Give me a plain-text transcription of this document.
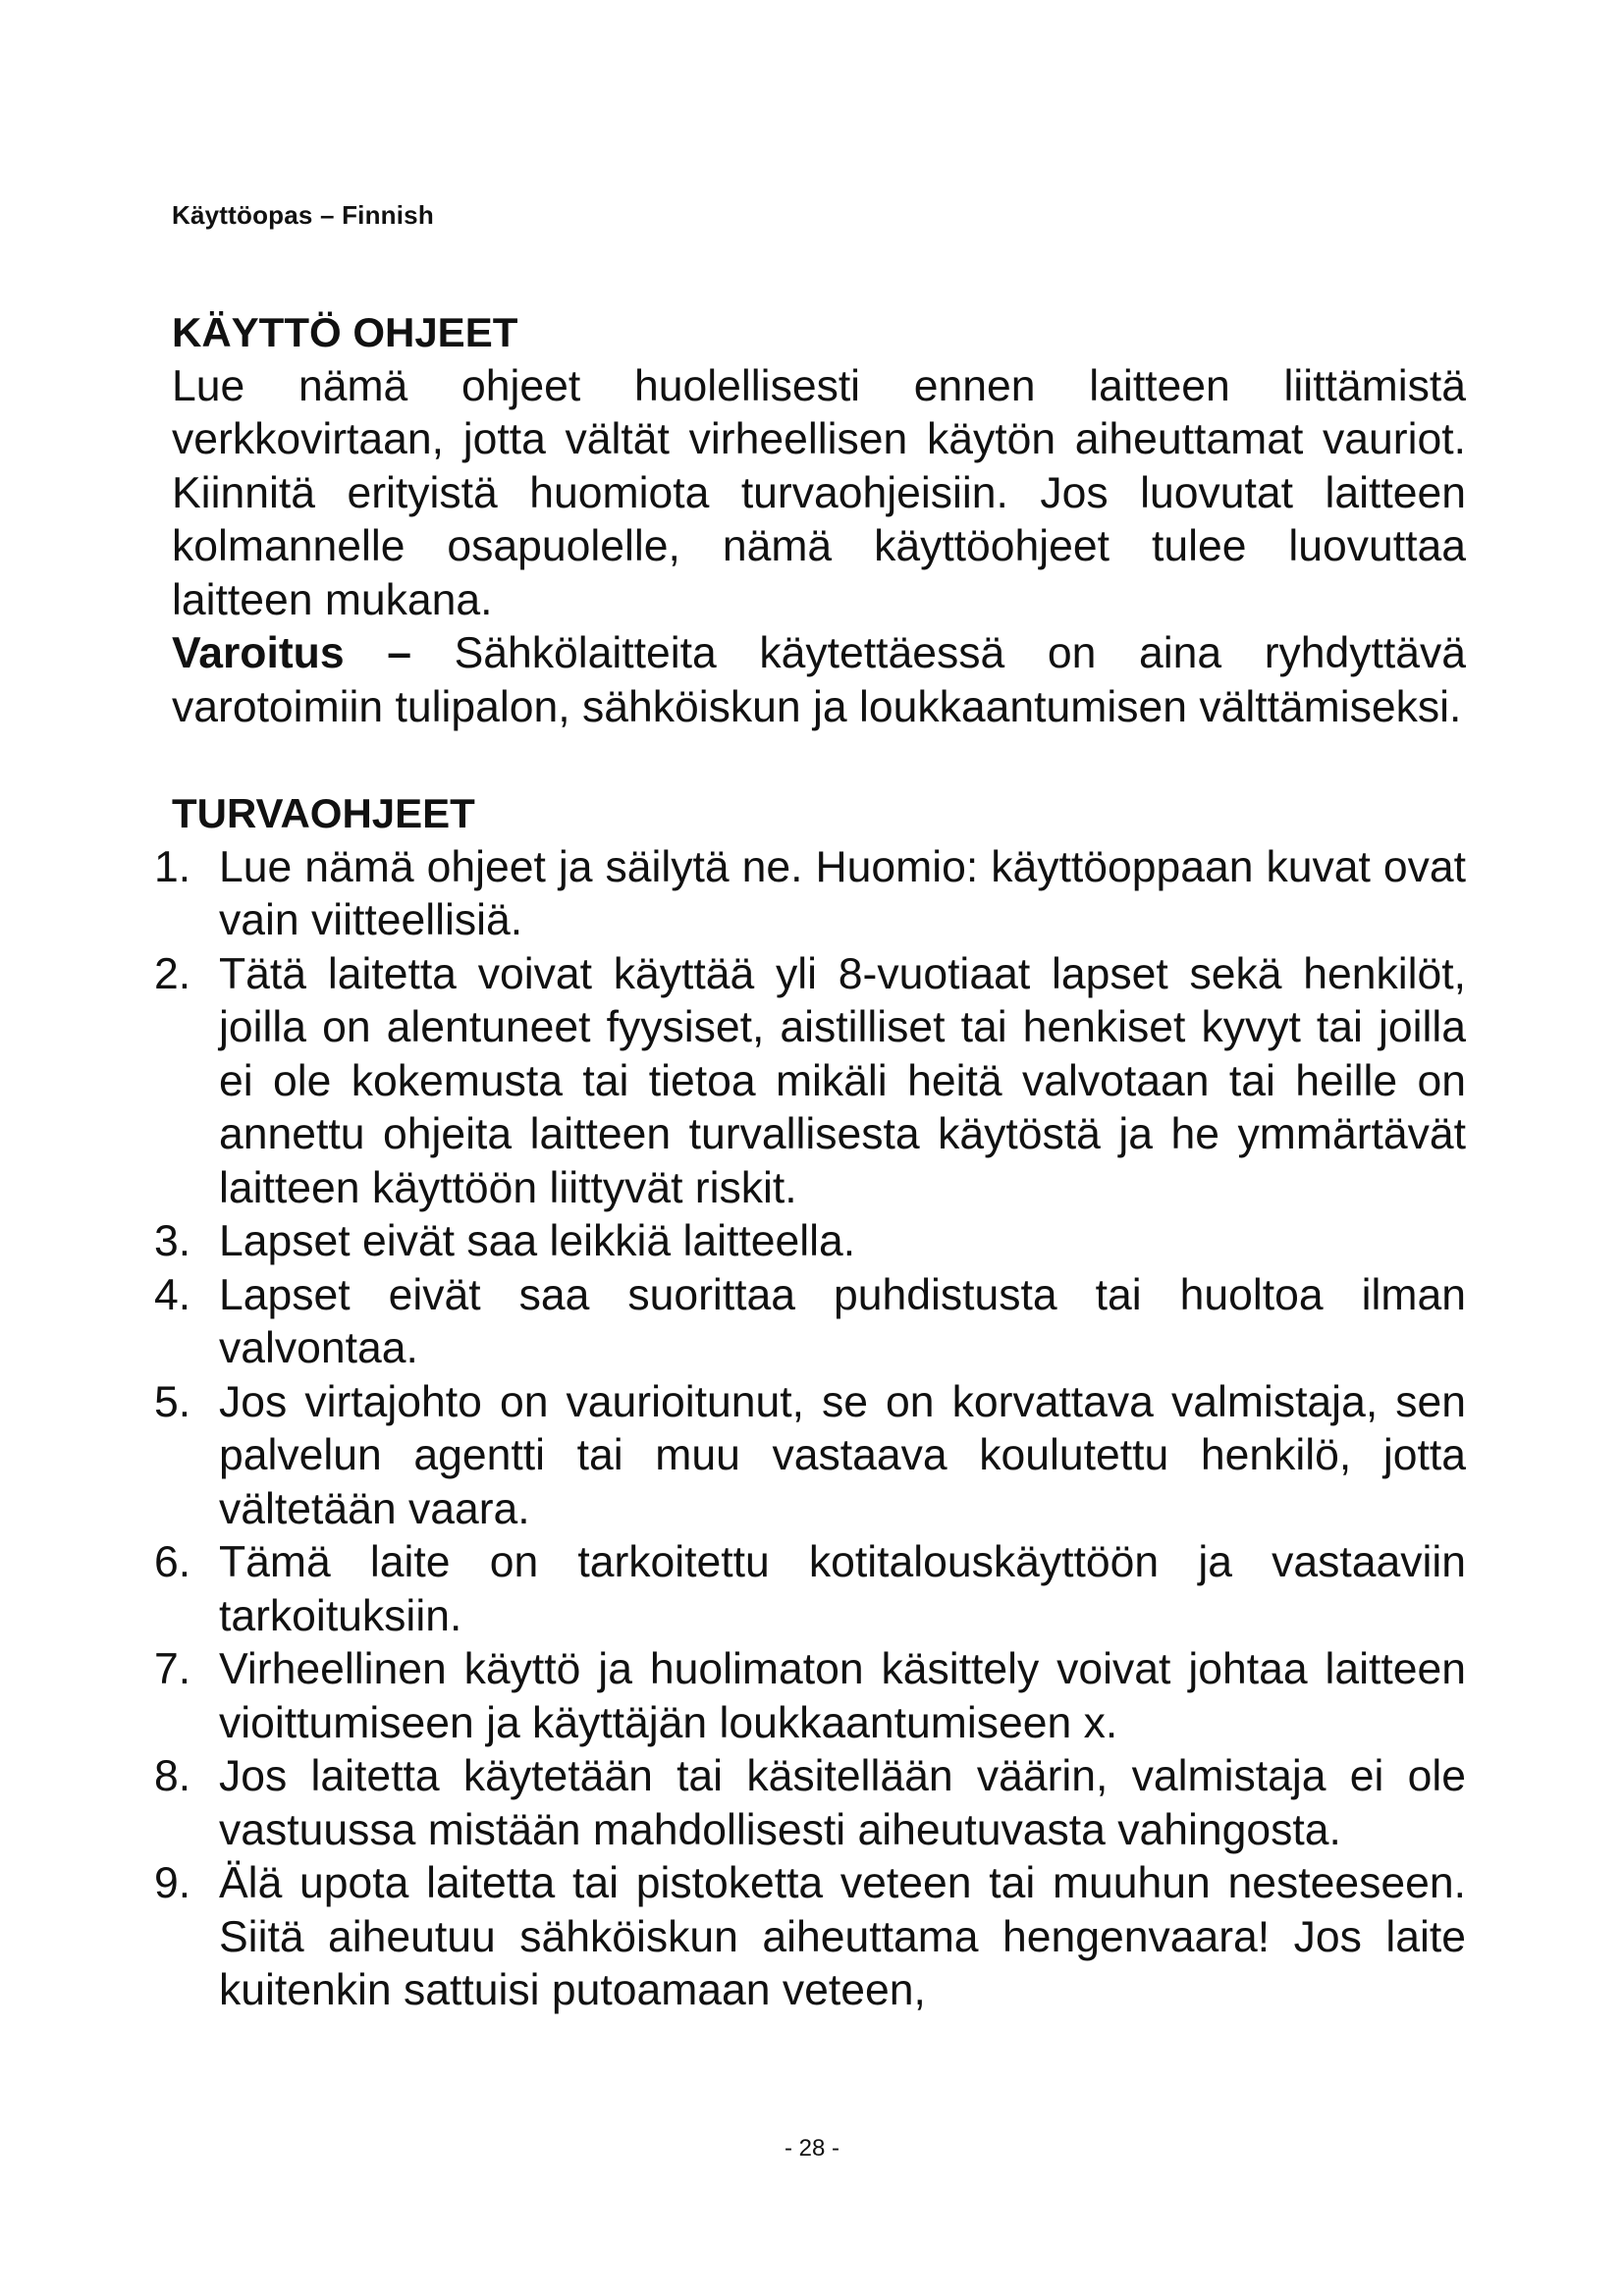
Käyttöopas – Finnish
KÄYTTÖ OHJEET

Lue nämä ohjeet huolellisesti ennen laitteen liittämistä verkkovirtaan, jotta vältät virheellisen käytön aiheuttamat vauriot. Kiinnitä erityistä huomiota turvaohjeisiin. Jos luovutat laitteen kolmannelle osapuolelle, nämä käyttöohjeet tulee luovuttaa laitteen mukana.

Varoitus – Sähkölaitteita käytettäessä on aina ryhdyttävä varotoimiin tulipalon, sähköiskun ja loukkaantumisen välttämiseksi.

TURVAOHJEET
1. Lue nämä ohjeet ja säilytä ne. Huomio: käyttöoppaan kuvat ovat vain viitteellisiä.
2. Tätä laitetta voivat käyttää yli 8-vuotiaat lapset sekä henkilöt, joilla on alentuneet fyysiset, aistilliset tai henkiset kyvyt tai joilla ei ole kokemusta tai tietoa mikäli heitä valvotaan tai heille on annettu ohjeita laitteen turvallisesta käytöstä ja he ymmärtävät laitteen käyttöön liittyvät riskit.
3. Lapset eivät saa leikkiä laitteella.
4. Lapset eivät saa suorittaa puhdistusta tai huoltoa ilman valvontaa.
5. Jos virtajohto on vaurioitunut, se on korvattava valmistaja, sen palvelun agentti tai muu vastaava koulutettu henkilö, jotta vältetään vaara.
6. Tämä laite on tarkoitettu kotitalouskäyttöön ja vastaaviin tarkoituksiin.
7. Virheellinen käyttö ja huolimaton käsittely voivat johtaa laitteen vioittumiseen ja käyttäjän loukkaantumiseen x.
8. Jos laitetta käytetään tai käsitellään väärin, valmistaja ei ole vastuussa mistään mahdollisesti aiheutuvasta vahingosta.
9. Älä upota laitetta tai pistoketta veteen tai muuhun nesteeseen. Siitä aiheutuu sähköiskun aiheuttama hengenvaara! Jos laite kuitenkin sattuisi putoamaan veteen,
- 28 -
